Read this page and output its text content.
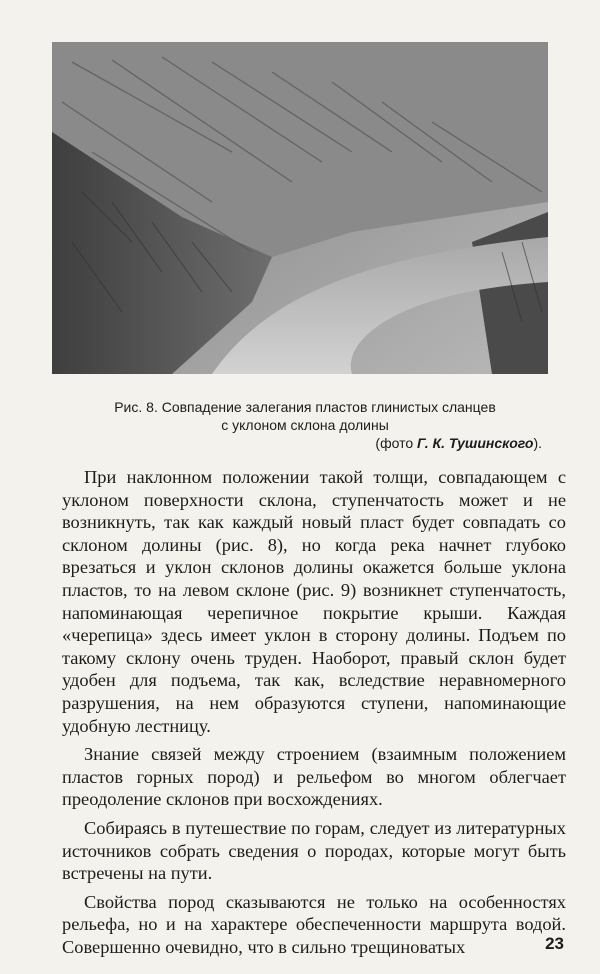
Рис. 8. Совпадение залегания пластов глинистых сланцев

с уклоном склона долины

(фото Г. К. Тушинского).

При наклонном положении такой толщи, совпадающем с уклоном поверхности склона, ступенчатость может и не возникнуть, так как каждый новый пласт будет совпадать со склоном долины (рис. 8), но когда река начнет глубоко врезаться и уклон склонов долины окажется больше уклона пластов, то на левом склоне (рис. 9) возникнет ступенчатость, напоминающая черепичное покрытие крыши. Каждая «черепица» здесь имеет уклон в сторону долины. Подъем по такому склону очень труден. Наоборот, правый склон будет удобен для подъема, так как, вследствие неравномерного разрушения, на нем образуются ступени, напоминающие удобную лестницу.

Знание связей между строением (взаимным положением пластов горных пород) и рельефом во многом облегчает преодоление склонов при восхождениях.

Собираясь в путешествие по горам, следует из литературных источников собрать сведения о породах, которые могут быть встречены на пути.

Свойства пород сказываются не только на особенностях рельефа, но и на характере обеспеченности маршрута водой. Совершенно очевидно, что в сильно трещиноватых	23
